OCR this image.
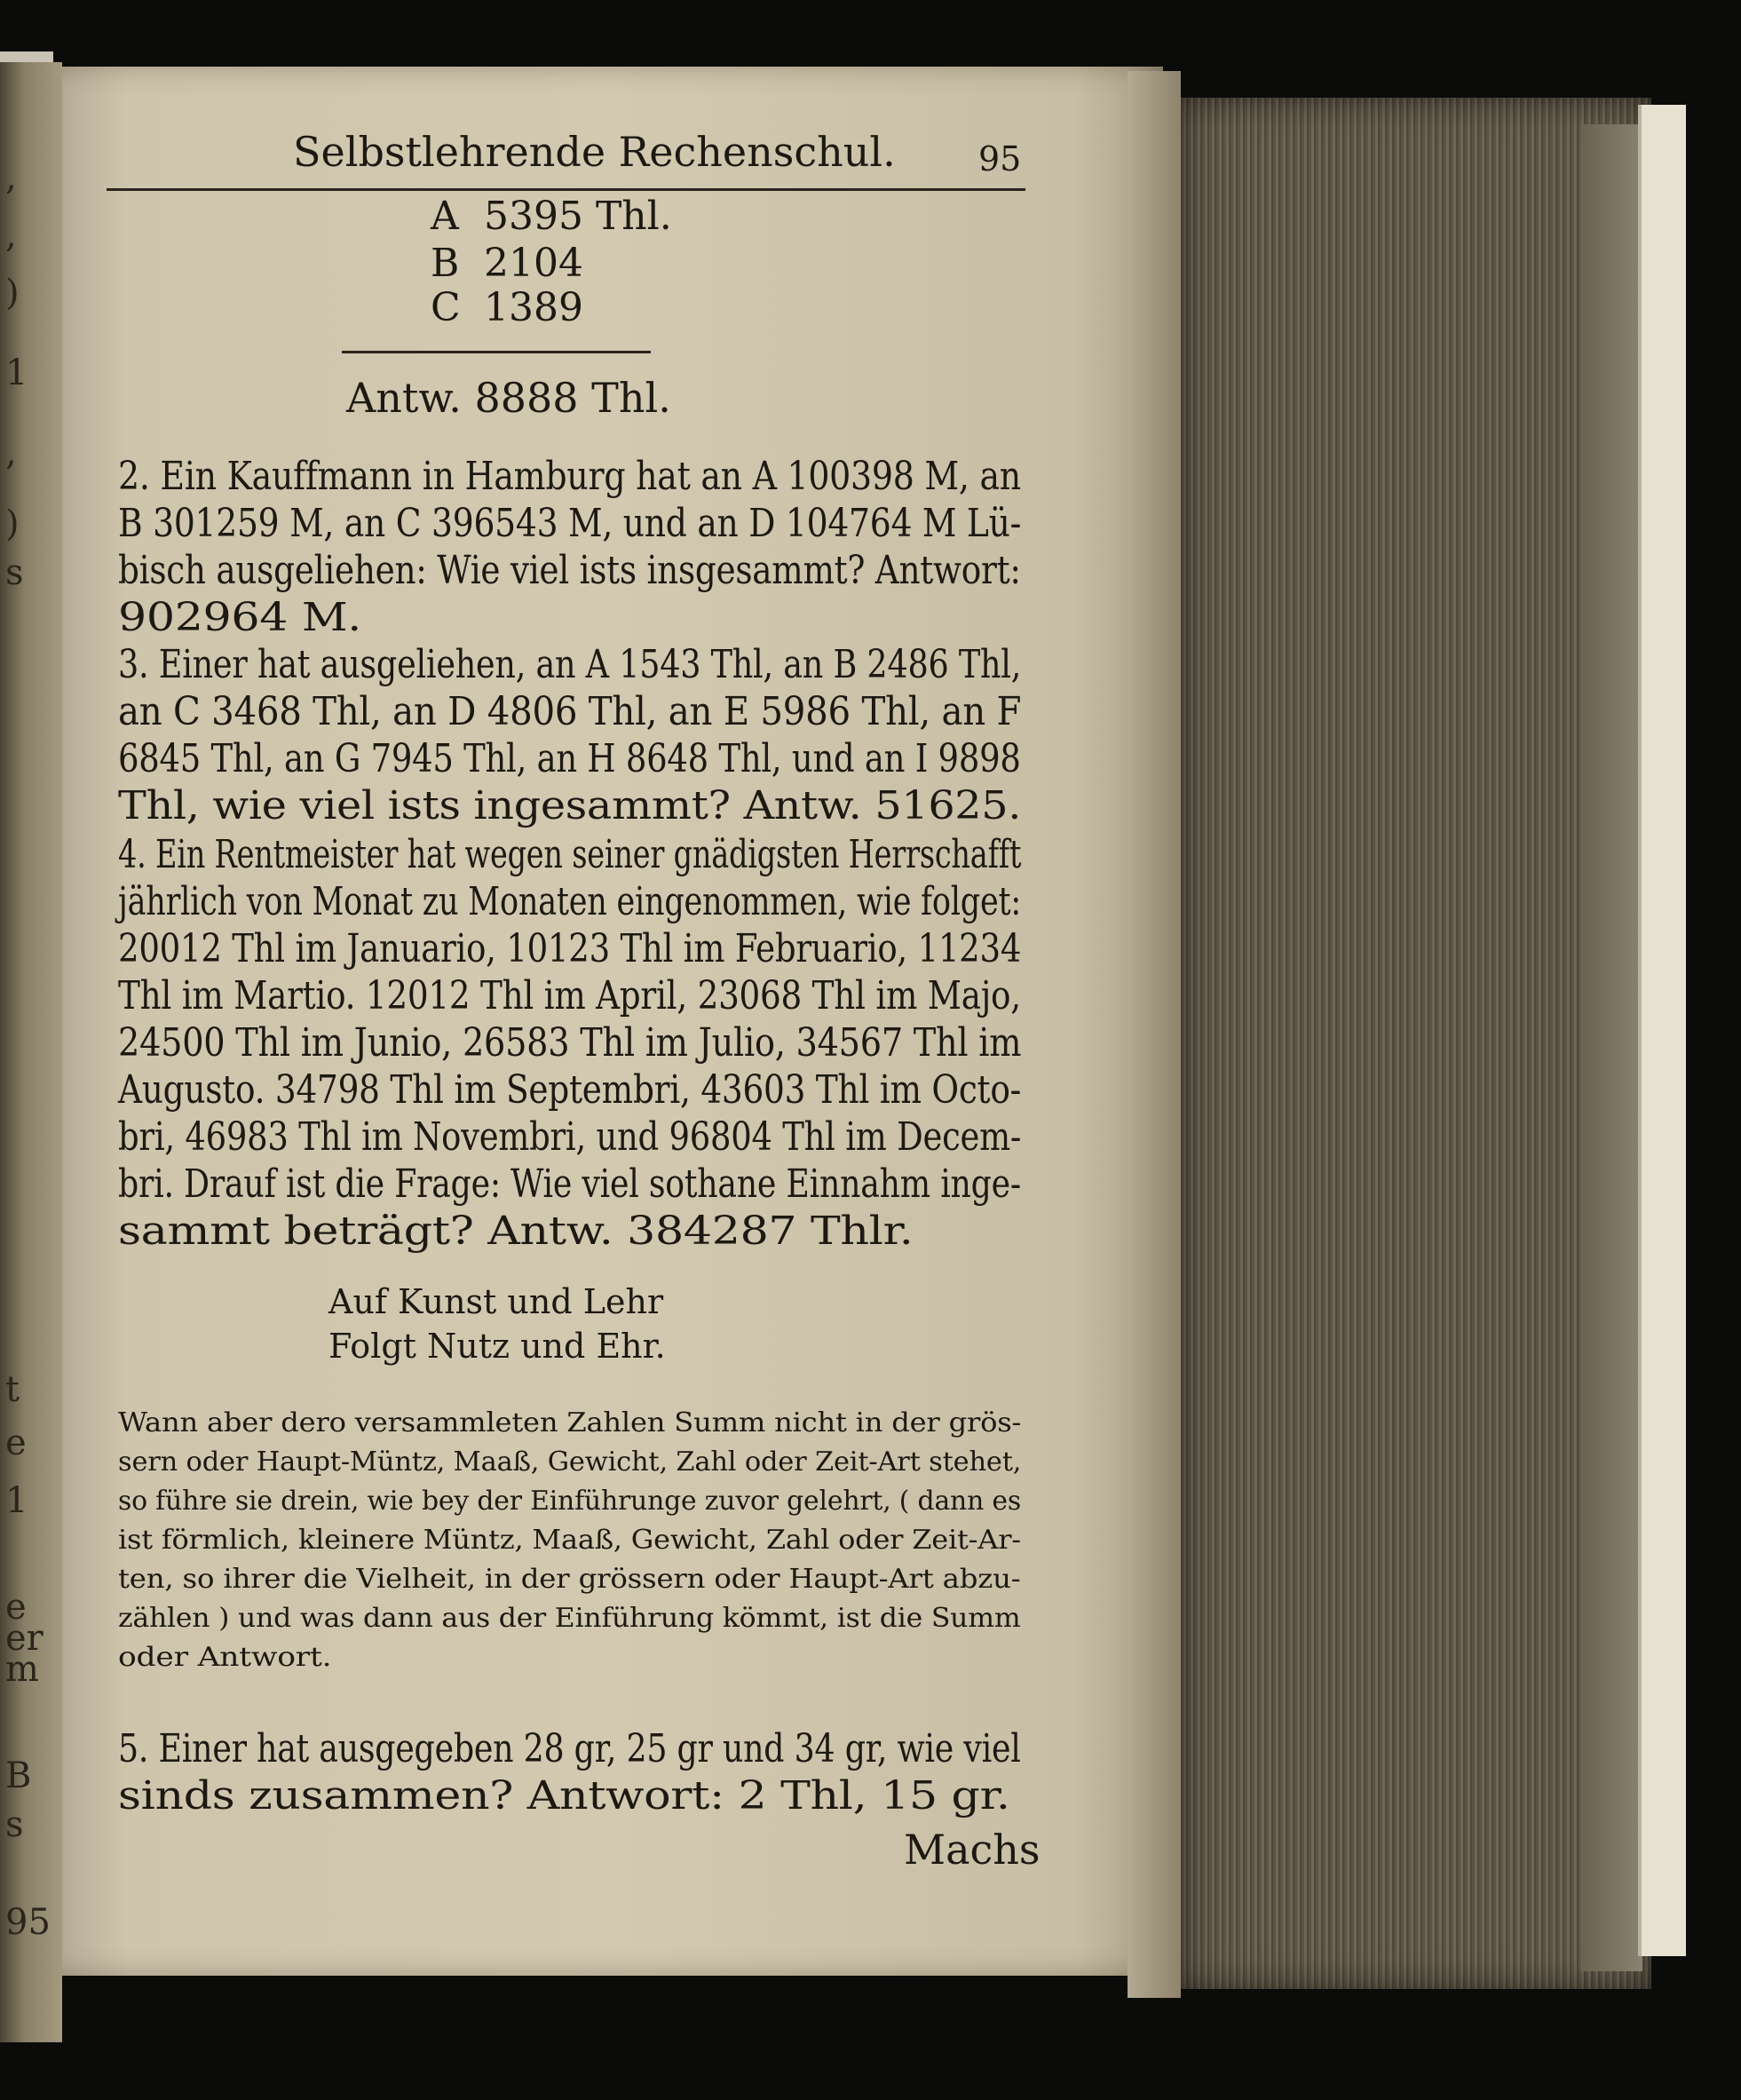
,
,
)
1
,
)
s
t
e
1
e
er
m
B
s
95
Selbstlehrende Rechenschul. 95
A 5395 Thl.
B 2104
C 1389
Antw. 8888 Thl.
2. Ein Kauffmann in Hamburg hat an A 100398 M, an
B 301259 M, an C 396543 M, und an D 104764 M Lü-
bisch ausgeliehen: Wie viel ists insgesammt? Antwort:
902964 M.
3. Einer hat ausgeliehen, an A 1543 Thl, an B 2486 Thl,
an C 3468 Thl, an D 4806 Thl, an E 5986 Thl, an F
6845 Thl, an G 7945 Thl, an H 8648 Thl, und an I 9898
Thl, wie viel ists ingesammt? Antw. 51625.
4. Ein Rentmeister hat wegen seiner gnädigsten Herrschafft
jährlich von Monat zu Monaten eingenommen, wie folget:
20012 Thl im Januario, 10123 Thl im Februario, 11234
Thl im Martio. 12012 Thl im April, 23068 Thl im Majo,
24500 Thl im Junio, 26583 Thl im Julio, 34567 Thl im
Augusto. 34798 Thl im Septembri, 43603 Thl im Octo-
bri, 46983 Thl im Novembri, und 96804 Thl im Decem-
bri. Drauf ist die Frage: Wie viel sothane Einnahm inge-
sammt beträgt? Antw. 384287 Thlr.
Auf Kunst und Lehr
Folgt Nutz und Ehr.
Wann aber dero versammleten Zahlen Summ nicht in der grös-
sern oder Haupt-Müntz, Maaß, Gewicht, Zahl oder Zeit-Art stehet,
so führe sie drein, wie bey der Einführunge zuvor gelehrt, ( dann es
ist förmlich, kleinere Müntz, Maaß, Gewicht, Zahl oder Zeit-Ar-
ten, so ihrer die Vielheit, in der grössern oder Haupt-Art abzu-
zählen ) und was dann aus der Einführung kömmt, ist die Summ
oder Antwort.
5. Einer hat ausgegeben 28 gr, 25 gr und 34 gr, wie viel
sinds zusammen? Antwort: 2 Thl, 15 gr.
Machs
